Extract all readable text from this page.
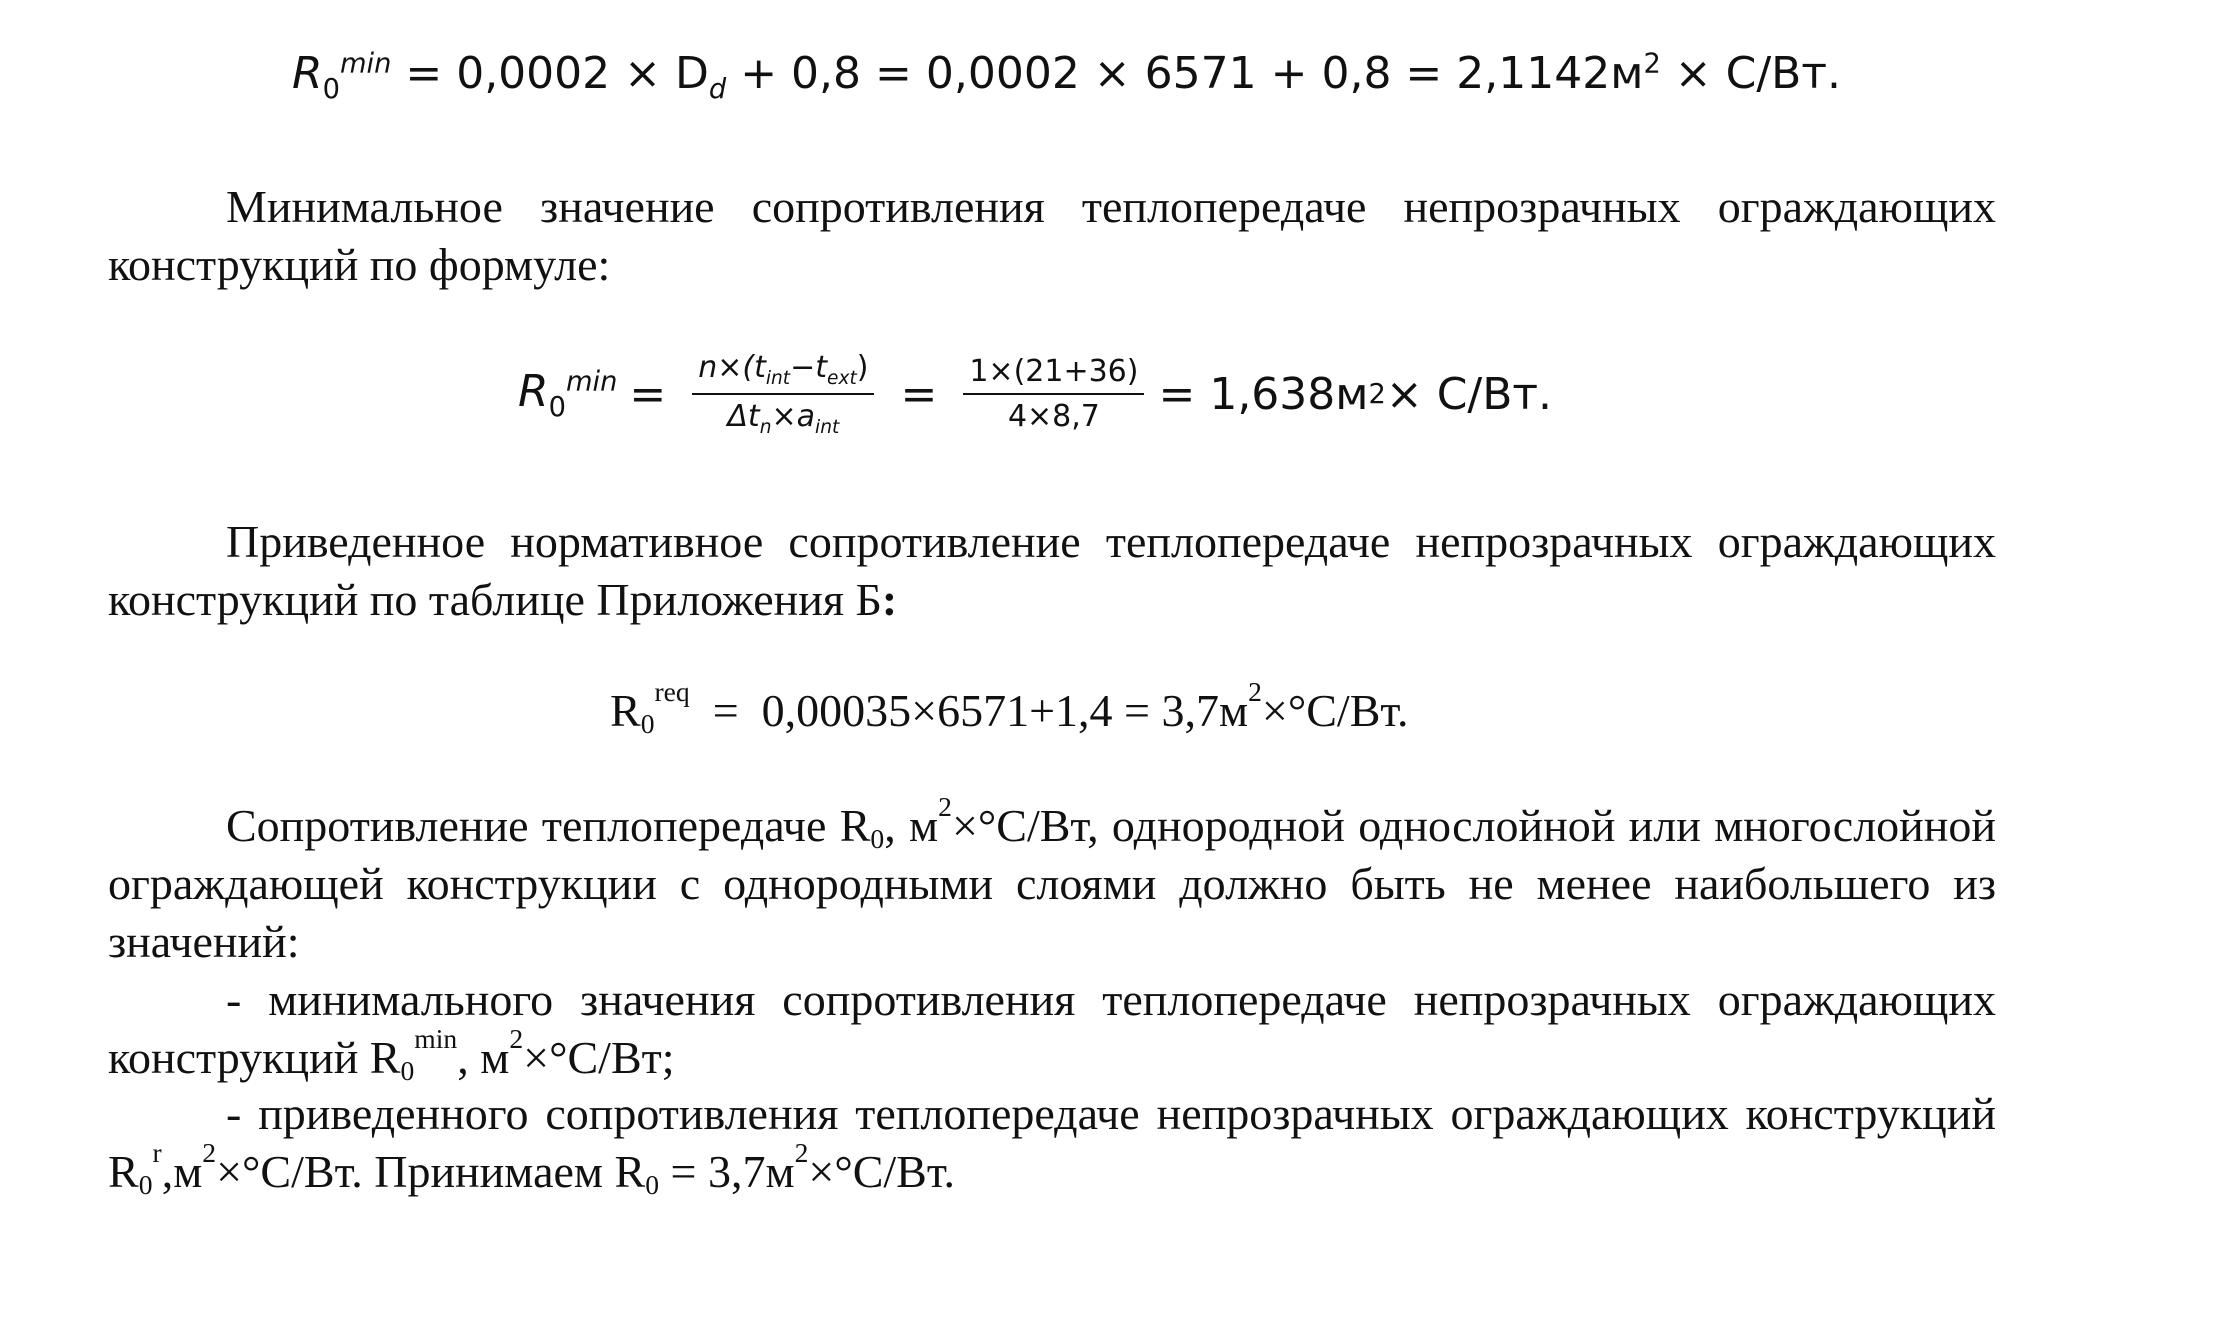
$R_0^{min} = 0,0002 \times D_d + 0,8 = 0,0002 \times 6571 + 0,8 = 2,1142м^2 \times C/Вт$.
Минимальное значение сопротивления теплопередаче непрозрачных ограждающих конструкций по формуле:
$R_0^{min} = \frac{n\times(t_{int}-t_{ext})}{\Delta t_n\times a_{int}} = \frac{1\times(21+36)}{4\times 8,7} = 1,638м$ 2 × C/Вт.
Приведенное нормативное сопротивление теплопередаче непрозрачных ограждающих конструкций по таблице Приложения Б:
$R_0^{req} = 0,00035\times 6571+1,4 = 3,7м^2\times^\circ С/Вт$.
Сопротивление теплопередаче $R_0$, $м^2\times^\circ С/Вт$, однородной однослойной или многослойной ограждающей конструкции с однородными слоями должно быть не менее наибольшего из значений:
- минимального значения сопротивления теплопередаче непрозрачных ограждающих конструкций $R_0^{min}$, $м^2\times^\circ С/Вт$;
- приведенного сопротивления теплопередаче непрозрачных ограждающих конструкций $R_0^r,м^2\times^\circ С/Вт$. Принимаем $R_0 = 3,7м^2\times^\circ С/Вт$.
